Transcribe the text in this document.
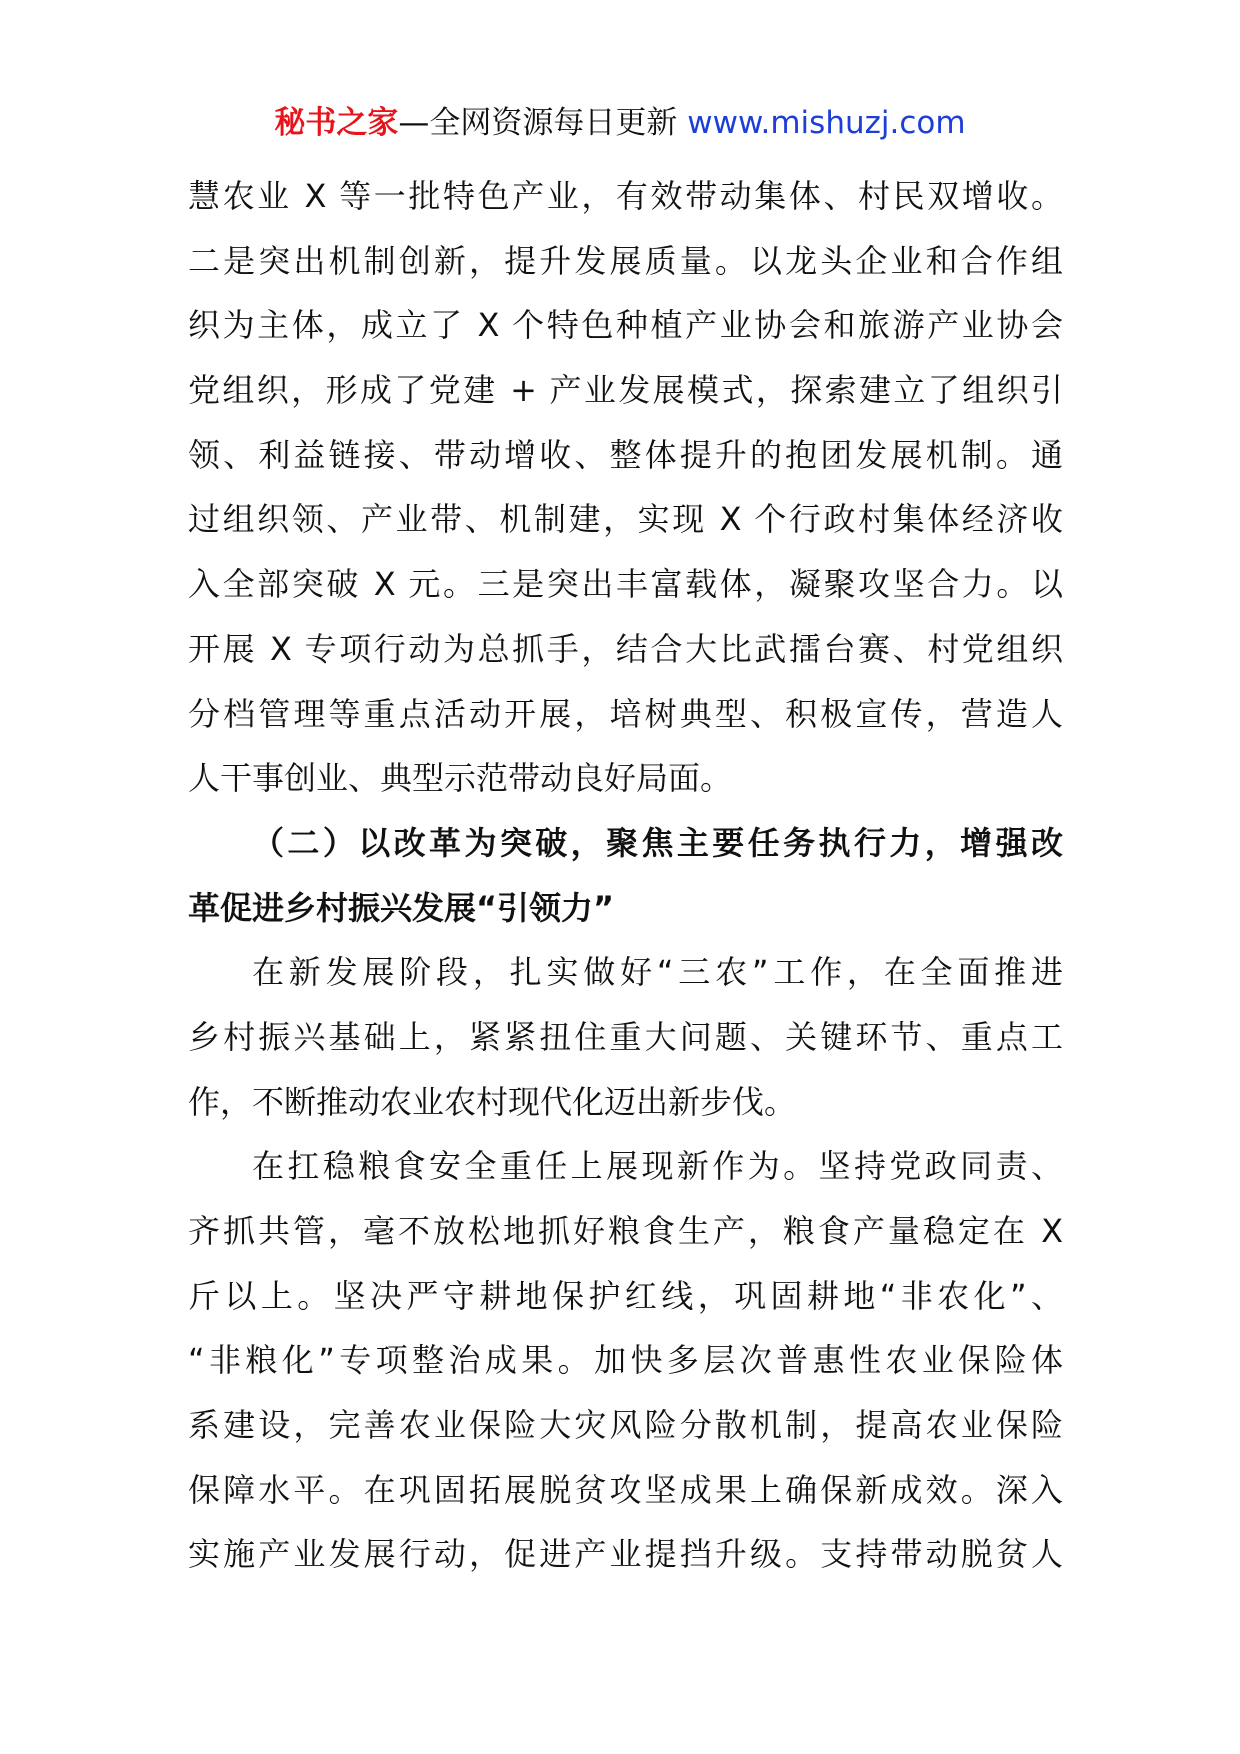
秘书之家—全网资源每日更新 www.mishuzj.com
慧农业 X 等一批特色产业，有效带动集体、村民双增收。
二是突出机制创新，提升发展质量。以龙头企业和合作组
织为主体，成立了 X 个特色种植产业协会和旅游产业协会
党组织，形成了党建 + 产业发展模式，探索建立了组织引
领、利益链接、带动增收、整体提升的抱团发展机制。通
过组织领、产业带、机制建，实现 X 个行政村集体经济收
入全部突破 X 元。三是突出丰富载体，凝聚攻坚合力。以
开展 X 专项行动为总抓手，结合大比武擂台赛、村党组织
分档管理等重点活动开展，培树典型、积极宣传，营造人
人干事创业、典型示范带动良好局面。
（二）以改革为突破，聚焦主要任务执行力，增强改
革促进乡村振兴发展“引领力”
在新发展阶段，扎实做好“三农”工作，在全面推进
乡村振兴基础上，紧紧扭住重大问题、关键环节、重点工
作，不断推动农业农村现代化迈出新步伐。
在扛稳粮食安全重任上展现新作为。坚持党政同责、
齐抓共管，毫不放松地抓好粮食生产，粮食产量稳定在 X
斤以上。坚决严守耕地保护红线，巩固耕地“非农化”、
“非粮化”专项整治成果。加快多层次普惠性农业保险体
系建设，完善农业保险大灾风险分散机制，提高农业保险
保障水平。在巩固拓展脱贫攻坚成果上确保新成效。深入
实施产业发展行动，促进产业提挡升级。支持带动脱贫人
